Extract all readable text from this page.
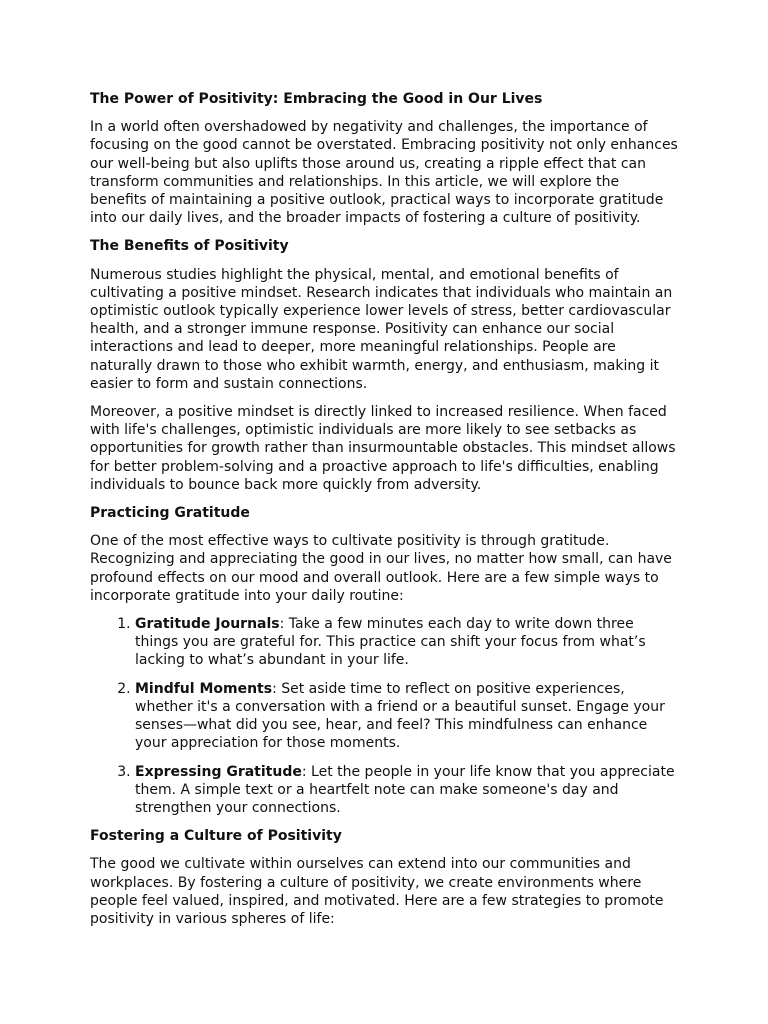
The Power of Positivity: Embracing the Good in Our Lives

In a world often overshadowed by negativity and challenges, the importance of focusing on the good cannot be overstated. Embracing positivity not only enhances our well-being but also uplifts those around us, creating a ripple effect that can transform communities and relationships. In this article, we will explore the benefits of maintaining a positive outlook, practical ways to incorporate gratitude into our daily lives, and the broader impacts of fostering a culture of positivity.

The Benefits of Positivity

Numerous studies highlight the physical, mental, and emotional benefits of cultivating a positive mindset. Research indicates that individuals who maintain an optimistic outlook typically experience lower levels of stress, better cardiovascular health, and a stronger immune response. Positivity can enhance our social interactions and lead to deeper, more meaningful relationships. People are naturally drawn to those who exhibit warmth, energy, and enthusiasm, making it easier to form and sustain connections.

Moreover, a positive mindset is directly linked to increased resilience. When faced with life's challenges, optimistic individuals are more likely to see setbacks as opportunities for growth rather than insurmountable obstacles. This mindset allows for better problem-solving and a proactive approach to life's difficulties, enabling individuals to bounce back more quickly from adversity.

Practicing Gratitude

One of the most effective ways to cultivate positivity is through gratitude. Recognizing and appreciating the good in our lives, no matter how small, can have profound effects on our mood and overall outlook. Here are a few simple ways to incorporate gratitude into your daily routine:

1. Gratitude Journals: Take a few minutes each day to write down three things you are grateful for. This practice can shift your focus from what’s lacking to what’s abundant in your life.
2. Mindful Moments: Set aside time to reflect on positive experiences, whether it's a conversation with a friend or a beautiful sunset. Engage your senses—what did you see, hear, and feel? This mindfulness can enhance your appreciation for those moments.
3. Expressing Gratitude: Let the people in your life know that you appreciate them. A simple text or a heartfelt note can make someone's day and strengthen your connections.
Fostering a Culture of Positivity

The good we cultivate within ourselves can extend into our communities and workplaces. By fostering a culture of positivity, we create environments where people feel valued, inspired, and motivated. Here are a few strategies to promote positivity in various spheres of life:
